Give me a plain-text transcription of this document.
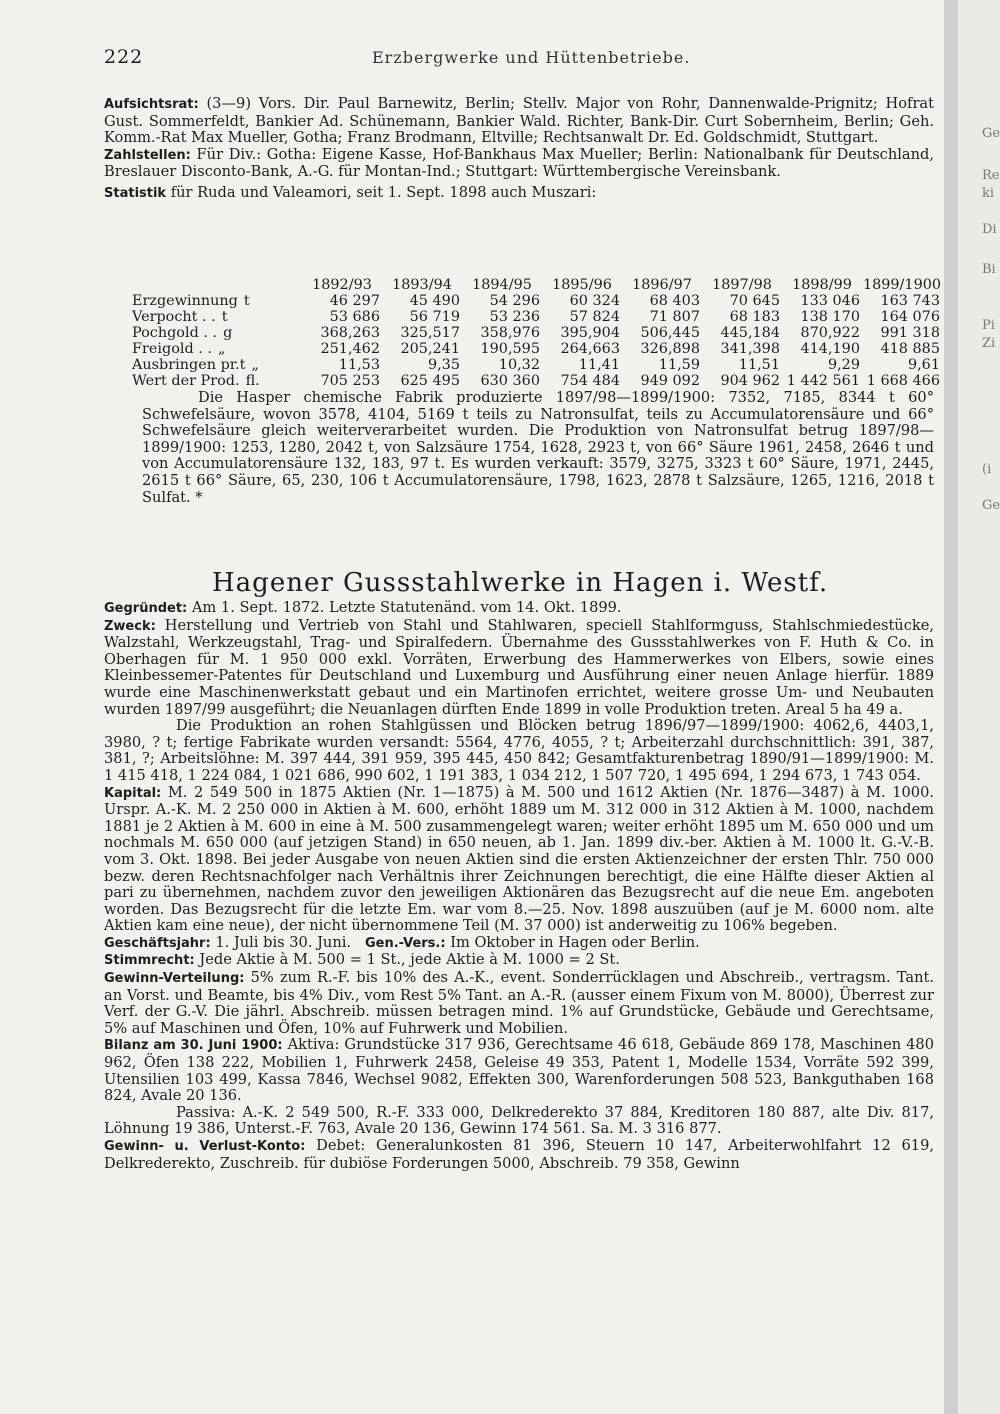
222	Erzbergwerke und Hüttenbetriebe.

Aufsichtsrat: (3—9) Vors. Dir. Paul Barnewitz, Berlin; Stellv. Major von Rohr, Dannenwalde-Prignitz; Hofrat Gust. Sommerfeldt, Bankier Ad. Schünemann, Bankier Wald. Richter, Bank-Dir. Curt Sobernheim, Berlin; Geh. Komm.-Rat Max Mueller, Gotha; Franz Brodmann, Eltville; Rechtsanwalt Dr. Ed. Goldschmidt, Stuttgart.

Zahlstellen: Für Div.: Gotha: Eigene Kasse, Hof-Bankhaus Max Mueller; Berlin: Nationalbank für Deutschland, Breslauer Disconto-Bank, A.-G. für Montan-Ind.; Stuttgart: Württembergische Vereinsbank.

Statistik für Ruda und Valeamori, seit 1. Sept. 1898 auch Muszari:

	1892/93	1893/94	1894/95	1895/96	1896/97	1897/98	1898/99	1899/1900
Erzgewinnung t	46 297	45 490	54 296	60 324	68 403	70 645	133 046	163 743
Verpocht . . t	53 686	56 719	53 236	57 824	71 807	68 183	138 170	164 076
Pochgold . . g	368,263	325,517	358,976	395,904	506,445	445,184	870,922	991 318
Freigold . . „	251,462	205,241	190,595	264,663	326,898	341,398	414,190	418 885
Ausbringen pr.t „	11,53	9,35	10,32	11,41	11,59	11,51	9,29	9,61
Wert der Prod. fl.	705 253	625 495	630 360	754 484	949 092	904 962	1 442 561	1 668 466

Die Hasper chemische Fabrik produzierte 1897/98—1899/1900: 7352, 7185, 8344 t 60° Schwefelsäure, wovon 3578, 4104, 5169 t teils zu Natronsulfat, teils zu Accumulatorensäure und 66° Schwefelsäure gleich weiterverarbeitet wurden. Die Produktion von Natronsulfat betrug 1897/98—1899/1900: 1253, 1280, 2042 t, von Salzsäure 1754, 1628, 2923 t, von 66° Säure 1961, 2458, 2646 t und von Accumulatorensäure 132, 183, 97 t. Es wurden verkauft: 3579, 3275, 3323 t 60° Säure, 1971, 2445, 2615 t 66° Säure, 65, 230, 106 t Accumulatorensäure, 1798, 1623, 2878 t Salzsäure, 1265, 1216, 2018 t Sulfat. *

Hagener Gussstahlwerke in Hagen i. Westf.

Gegründet: Am 1. Sept. 1872. Letzte Statutenänd. vom 14. Okt. 1899.

Zweck: Herstellung und Vertrieb von Stahl und Stahlwaren, speciell Stahlformguss, Stahlschmiedestücke, Walzstahl, Werkzeugstahl, Trag- und Spiralfedern. Übernahme des Gussstahlwerkes von F. Huth & Co. in Oberhagen für M. 1 950 000 exkl. Vorräten, Erwerbung des Hammerwerkes von Elbers, sowie eines Kleinbessemer-Patentes für Deutschland und Luxemburg und Ausführung einer neuen Anlage hierfür. 1889 wurde eine Maschinenwerkstatt gebaut und ein Martinofen errichtet, weitere grosse Um- und Neubauten wurden 1897/99 ausgeführt; die Neuanlagen dürften Ende 1899 in volle Produktion treten. Areal 5 ha 49 a.

Die Produktion an rohen Stahlgüssen und Blöcken betrug 1896/97—1899/1900: 4062,6, 4403,1, 3980, ? t; fertige Fabrikate wurden versandt: 5564, 4776, 4055, ? t; Arbeiterzahl durchschnittlich: 391, 387, 381, ?; Arbeitslöhne: M. 397 444, 391 959, 395 445, 450 842; Gesamtfakturenbetrag 1890/91—1899/1900: M. 1 415 418, 1 224 084, 1 021 686, 990 602, 1 191 383, 1 034 212, 1 507 720, 1 495 694, 1 294 673, 1 743 054.

Kapital: M. 2 549 500 in 1875 Aktien (Nr. 1—1875) à M. 500 und 1612 Aktien (Nr. 1876—3487) à M. 1000. Urspr. A.-K. M. 2 250 000 in Aktien à M. 600, erhöht 1889 um M. 312 000 in 312 Aktien à M. 1000, nachdem 1881 je 2 Aktien à M. 600 in eine à M. 500 zusammengelegt waren; weiter erhöht 1895 um M. 650 000 und um nochmals M. 650 000 (auf jetzigen Stand) in 650 neuen, ab 1. Jan. 1899 div.-ber. Aktien à M. 1000 lt. G.-V.-B. vom 3. Okt. 1898. Bei jeder Ausgabe von neuen Aktien sind die ersten Aktienzeichner der ersten Thlr. 750 000 bezw. deren Rechtsnachfolger nach Verhältnis ihrer Zeichnungen berechtigt, die eine Hälfte dieser Aktien al pari zu übernehmen, nachdem zuvor den jeweiligen Aktionären das Bezugsrecht auf die neue Em. angeboten worden. Das Bezugsrecht für die letzte Em. war vom 8.—25. Nov. 1898 auszuüben (auf je M. 6000 nom. alte Aktien kam eine neue), der nicht übernommene Teil (M. 37 000) ist anderweitig zu 106% begeben.

Geschäftsjahr: 1. Juli bis 30. Juni. Gen.-Vers.: Im Oktober in Hagen oder Berlin.

Stimmrecht: Jede Aktie à M. 500 = 1 St., jede Aktie à M. 1000 = 2 St.

Gewinn-Verteilung: 5% zum R.-F. bis 10% des A.-K., event. Sonderrücklagen und Abschreib., vertragsm. Tant. an Vorst. und Beamte, bis 4% Div., vom Rest 5% Tant. an A.-R. (ausser einem Fixum von M. 8000), Überrest zur Verf. der G.-V. Die jährl. Abschreib. müssen betragen mind. 1% auf Grundstücke, Gebäude und Gerechtsame, 5% auf Maschinen und Öfen, 10% auf Fuhrwerk und Mobilien.

Bilanz am 30. Juni 1900: Aktiva: Grundstücke 317 936, Gerechtsame 46 618, Gebäude 869 178, Maschinen 480 962, Öfen 138 222, Mobilien 1, Fuhrwerk 2458, Geleise 49 353, Patent 1, Modelle 1534, Vorräte 592 399, Utensilien 103 499, Kassa 7846, Wechsel 9082, Effekten 300, Warenforderungen 508 523, Bankguthaben 168 824, Avale 20 136.

Passiva: A.-K. 2 549 500, R.-F. 333 000, Delkrederekto 37 884, Kreditoren 180 887, alte Div. 817, Löhnung 19 386, Unterst.-F. 763, Avale 20 136, Gewinn 174 561. Sa. M. 3 316 877.

Gewinn- u. Verlust-Konto: Debet: Generalunkosten 81 396, Steuern 10 147, Arbeiterwohlfahrt 12 619, Delkrederekto, Zuschreib. für dubiöse Forderungen 5000, Abschreib. 79 358, Gewinn

Ge
Re
ki
Di
Bi
Pi
Zi
(i
Ge
